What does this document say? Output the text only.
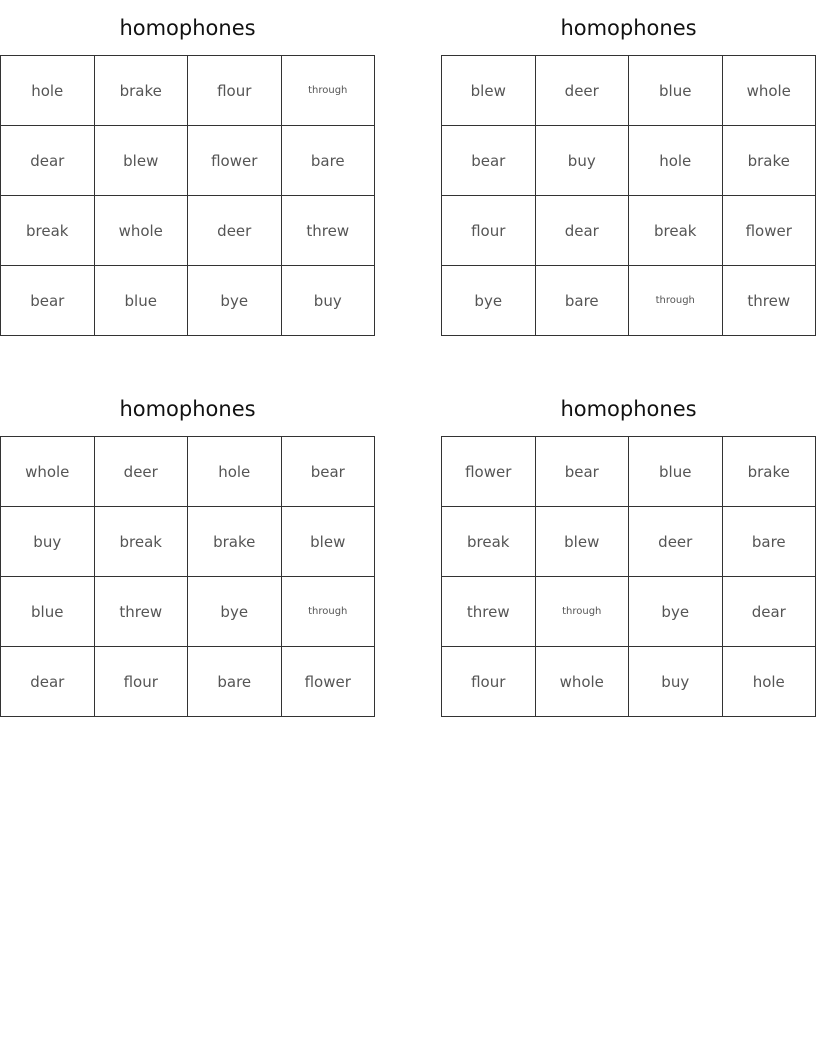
homophones
hole	brake	flour	through
dear	blew	flower	bare
break	whole	deer	threw
bear	blue	bye	buy
homophones
blew	deer	blue	whole
bear	buy	hole	brake
flour	dear	break	flower
bye	bare	through	threw
homophones
whole	deer	hole	bear
buy	break	brake	blew
blue	threw	bye	through
dear	flour	bare	flower
homophones
flower	bear	blue	brake
break	blew	deer	bare
threw	through	bye	dear
flour	whole	buy	hole
